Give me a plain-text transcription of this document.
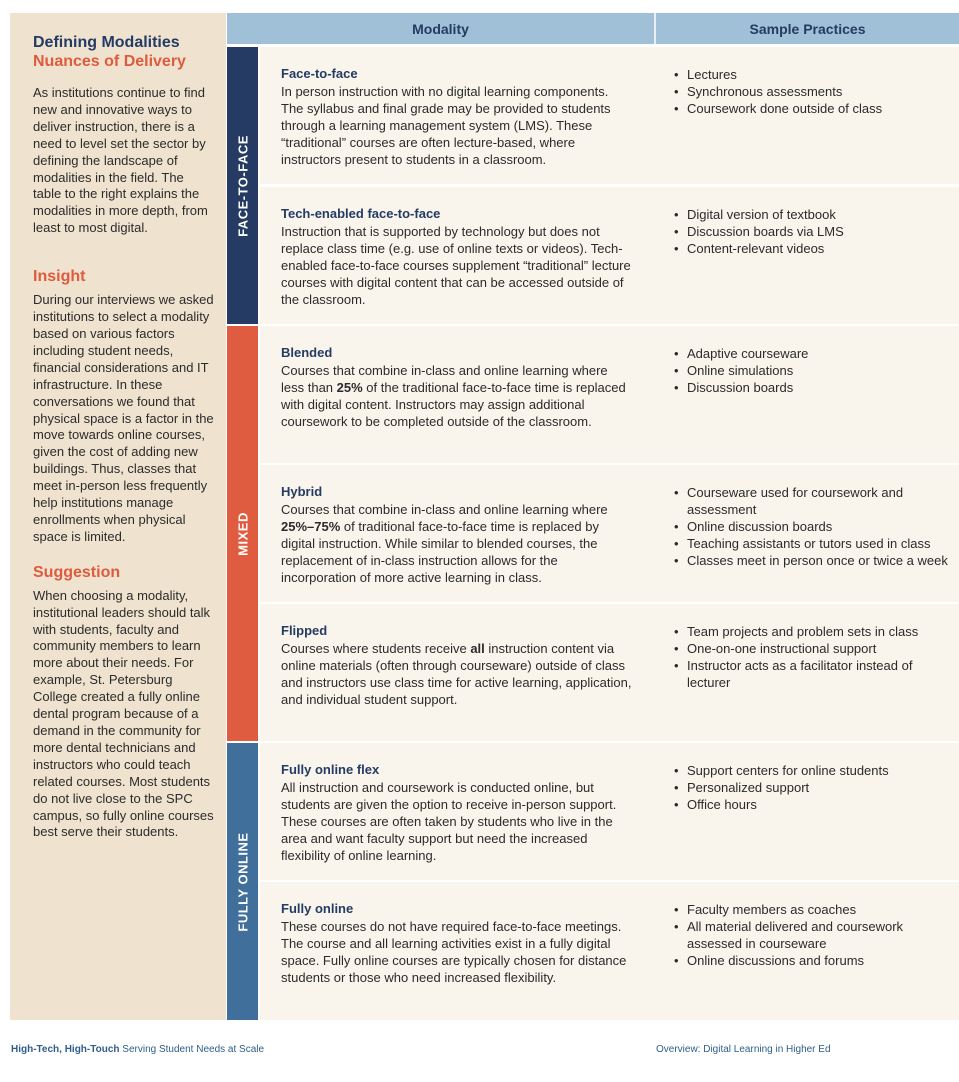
Defining Modalities
Nuances of Delivery
As institutions continue to find new and innovative ways to deliver instruction, there is a need to level set the sector by defining the landscape of modalities in the field. The table to the right explains the modalities in more depth, from least to most digital.
Insight
During our interviews we asked institutions to select a modality based on various factors including student needs, financial considerations and IT infrastructure. In these conversations we found that physical space is a factor in the move towards online courses, given the cost of adding new buildings. Thus, classes that meet in-person less frequently help institutions manage enrollments when physical space is limited.
Suggestion
When choosing a modality, institutional leaders should talk with students, faculty and community members to learn more about their needs. For example, St. Petersburg College created a fully online dental program because of a demand in the community for more dental technicians and instructors who could teach related courses. Most students do not live close to the SPC campus, so fully online courses best serve their students.
Modality	Sample Practices
FACE-TO-FACE
Face-to-face
In person instruction with no digital learning components. The syllabus and final grade may be provided to students through a learning management system (LMS). These “traditional” courses are often lecture-based, where instructors present to students in a classroom.
• Lectures
• Synchronous assessments
• Coursework done outside of class
Tech-enabled face-to-face
Instruction that is supported by technology but does not replace class time (e.g. use of online texts or videos). Tech-enabled face-to-face courses supplement “traditional” lecture courses with digital content that can be accessed outside of the classroom.
• Digital version of textbook
• Discussion boards via LMS
• Content-relevant videos
MIXED
Blended
Courses that combine in-class and online learning where less than 25% of the traditional face-to-face time is replaced with digital content. Instructors may assign additional coursework to be completed outside of the classroom.
• Adaptive courseware
• Online simulations
• Discussion boards
Hybrid
Courses that combine in-class and online learning where 25%–75% of traditional face-to-face time is replaced by digital instruction. While similar to blended courses, the replacement of in-class instruction allows for the incorporation of more active learning in class.
• Courseware used for coursework and assessment
• Online discussion boards
• Teaching assistants or tutors used in class
• Classes meet in person once or twice a week
Flipped
Courses where students receive all instruction content via online materials (often through courseware) outside of class and instructors use class time for active learning, application, and individual student support.
• Team projects and problem sets in class
• One-on-one instructional support
• Instructor acts as a facilitator instead of lecturer
FULLY ONLINE
Fully online flex
All instruction and coursework is conducted online, but students are given the option to receive in-person support. These courses are often taken by students who live in the area and want faculty support but need the increased flexibility of online learning.
• Support centers for online students
• Personalized support
• Office hours
Fully online
These courses do not have required face-to-face meetings. The course and all learning activities exist in a fully digital space. Fully online courses are typically chosen for distance students or those who need increased flexibility.
• Faculty members as coaches
• All material delivered and coursework assessed in courseware
• Online discussions and forums
High-Tech, High-Touch Serving Student Needs at Scale	Overview: Digital Learning in Higher Ed
